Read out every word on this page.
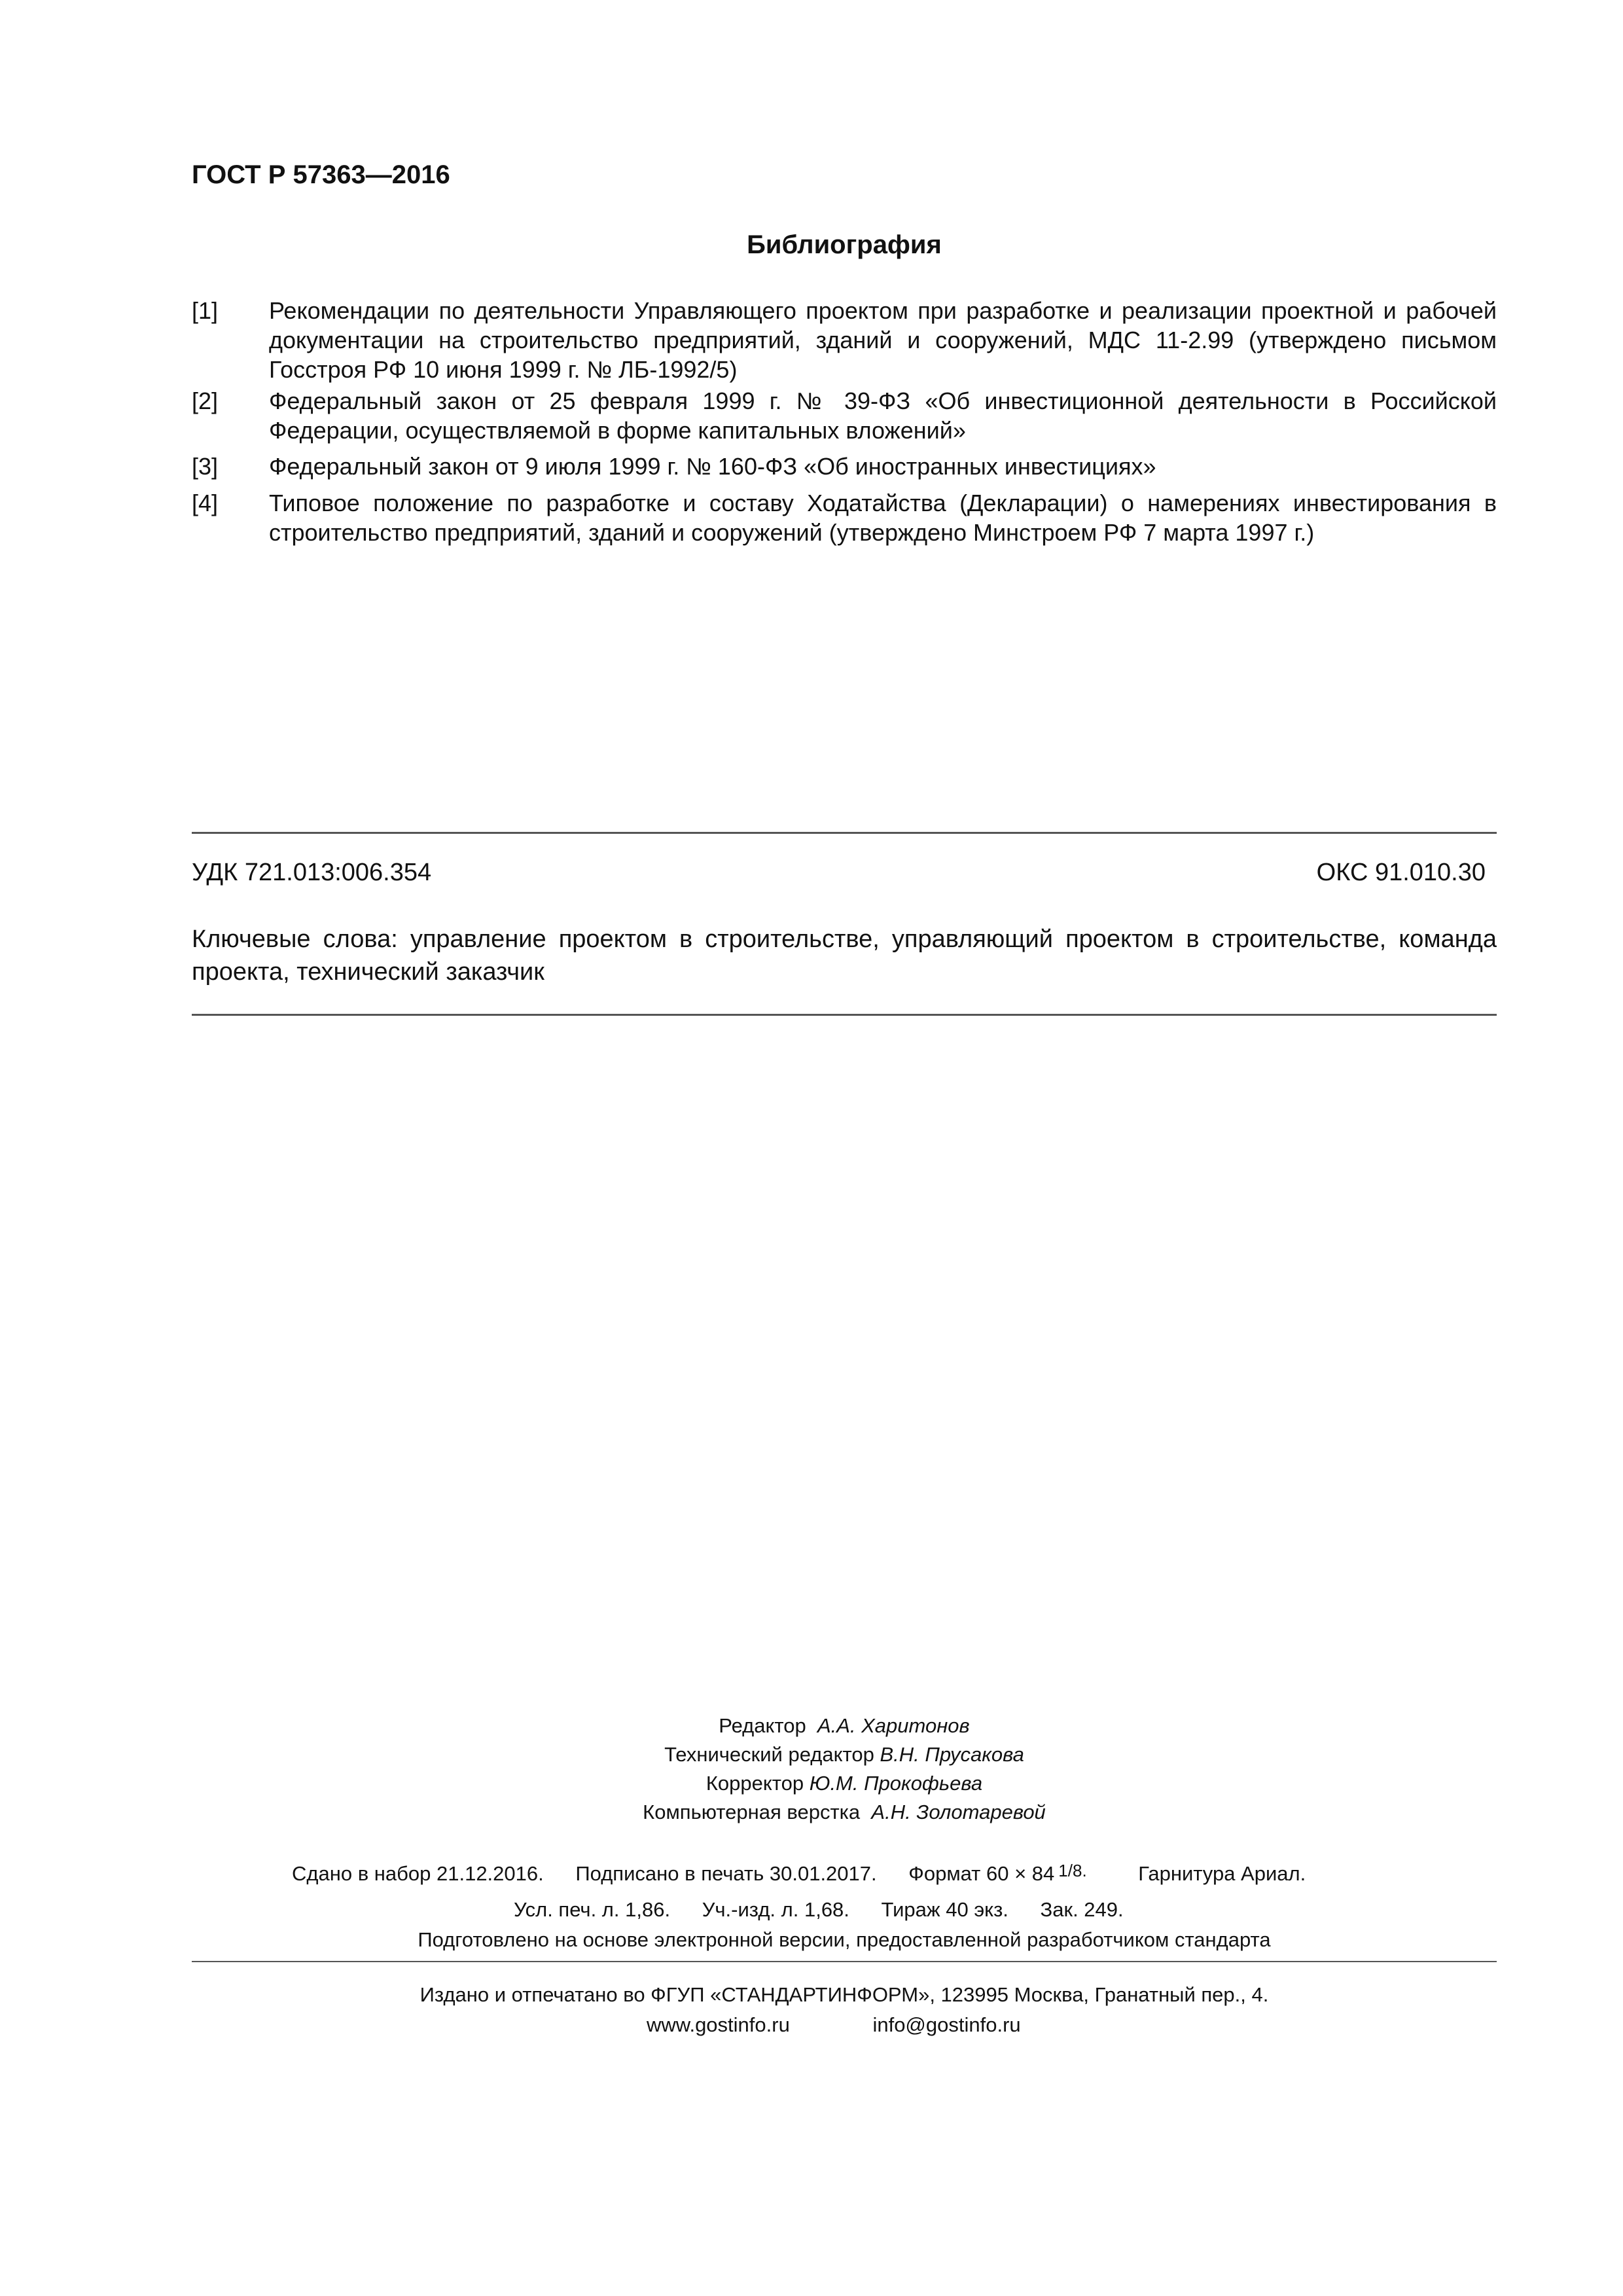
ГОСТ Р 57363—2016
Библиография
[1] Рекомендации по деятельности Управляющего проектом при разработке и реализации проектной и рабочей документации на строительство предприятий, зданий и сооружений, МДС 11-2.99 (утверждено письмом Госстроя РФ 10 июня 1999 г. № ЛБ-1992/5)
[2] Федеральный закон от 25 февраля 1999 г. № 39-ФЗ «Об инвестиционной деятельности в Российской Федерации, осуществляемой в форме капитальных вложений»
[3] Федеральный закон от 9 июля 1999 г. № 160-ФЗ «Об иностранных инвестициях»
[4] Типовое положение по разработке и составу Ходатайства (Декларации) о намерениях инвестирования в строительство предприятий, зданий и сооружений (утверждено Минстроем РФ 7 марта 1997 г.)
УДК 721.013:006.354	ОКС 91.010.30
Ключевые слова: управление проектом в строительстве, управляющий проектом в строительстве, команда проекта, технический заказчик
Редактор А.А. Харитонов
Технический редактор В.Н. Прусакова
Корректор Ю.М. Прокофьева
Компьютерная верстка А.Н. Золотаревой
Сдано в набор 21.12.2016. Подписано в печать 30.01.2017. Формат 60 × 84 1/8.	Гарнитура Ариал.
Усл. печ. л. 1,86. Уч.-изд. л. 1,68. Тираж 40 экз. Зак. 249.
Подготовлено на основе электронной версии, предоставленной разработчиком стандарта
Издано и отпечатано во ФГУП «СТАНДАРТИНФОРМ», 123995 Москва, Гранатный пер., 4.
www.gostinfo.ru	info@gostinfo.ru
